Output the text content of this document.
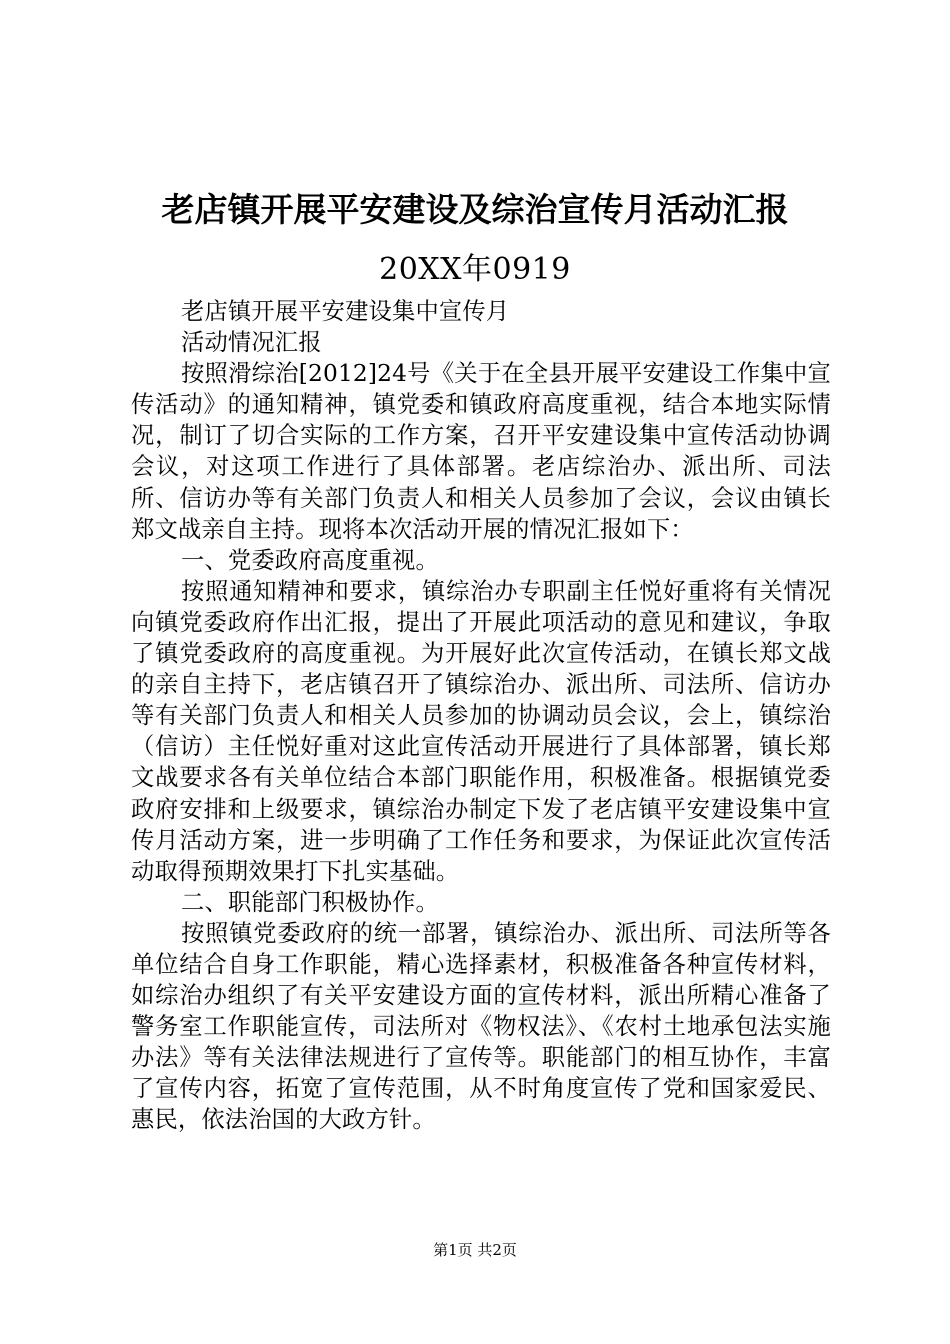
老店镇开展平安建设及综治宣传月活动汇报
20XX年0919

老店镇开展平安建设集中宣传月

活动情况汇报

按照滑综治[2012]24号《关于在全县开展平安建设工作集中宣传活动》的通知精神，镇党委和镇政府高度重视，结合本地实际情况，制订了切合实际的工作方案，召开平安建设集中宣传活动协调会议，对这项工作进行了具体部署。老店综治办、派出所、司法所、信访办等有关部门负责人和相关人员参加了会议，会议由镇长郑文战亲自主持。现将本次活动开展的情况汇报如下：

一、党委政府高度重视。

按照通知精神和要求，镇综治办专职副主任悦好重将有关情况向镇党委政府作出汇报，提出了开展此项活动的意见和建议，争取了镇党委政府的高度重视。为开展好此次宣传活动，在镇长郑文战的亲自主持下，老店镇召开了镇综治办、派出所、司法所、信访办等有关部门负责人和相关人员参加的协调动员会议，会上，镇综治（信访）主任悦好重对这此宣传活动开展进行了具体部署，镇长郑文战要求各有关单位结合本部门职能作用，积极准备。根据镇党委政府安排和上级要求，镇综治办制定下发了老店镇平安建设集中宣传月活动方案，进一步明确了工作任务和要求，为保证此次宣传活动取得预期效果打下扎实基础。

二、职能部门积极协作。

按照镇党委政府的统一部署，镇综治办、派出所、司法所等各单位结合自身工作职能，精心选择素材，积极准备各种宣传材料，如综治办组织了有关平安建设方面的宣传材料，派出所精心准备了警务室工作职能宣传，司法所对《物权法》、《农村土地承包法实施办法》等有关法律法规进行了宣传等。职能部门的相互协作，丰富了宣传内容，拓宽了宣传范围，从不时角度宣传了党和国家爱民、惠民，依法治国的大政方针。

第1页 共2页
